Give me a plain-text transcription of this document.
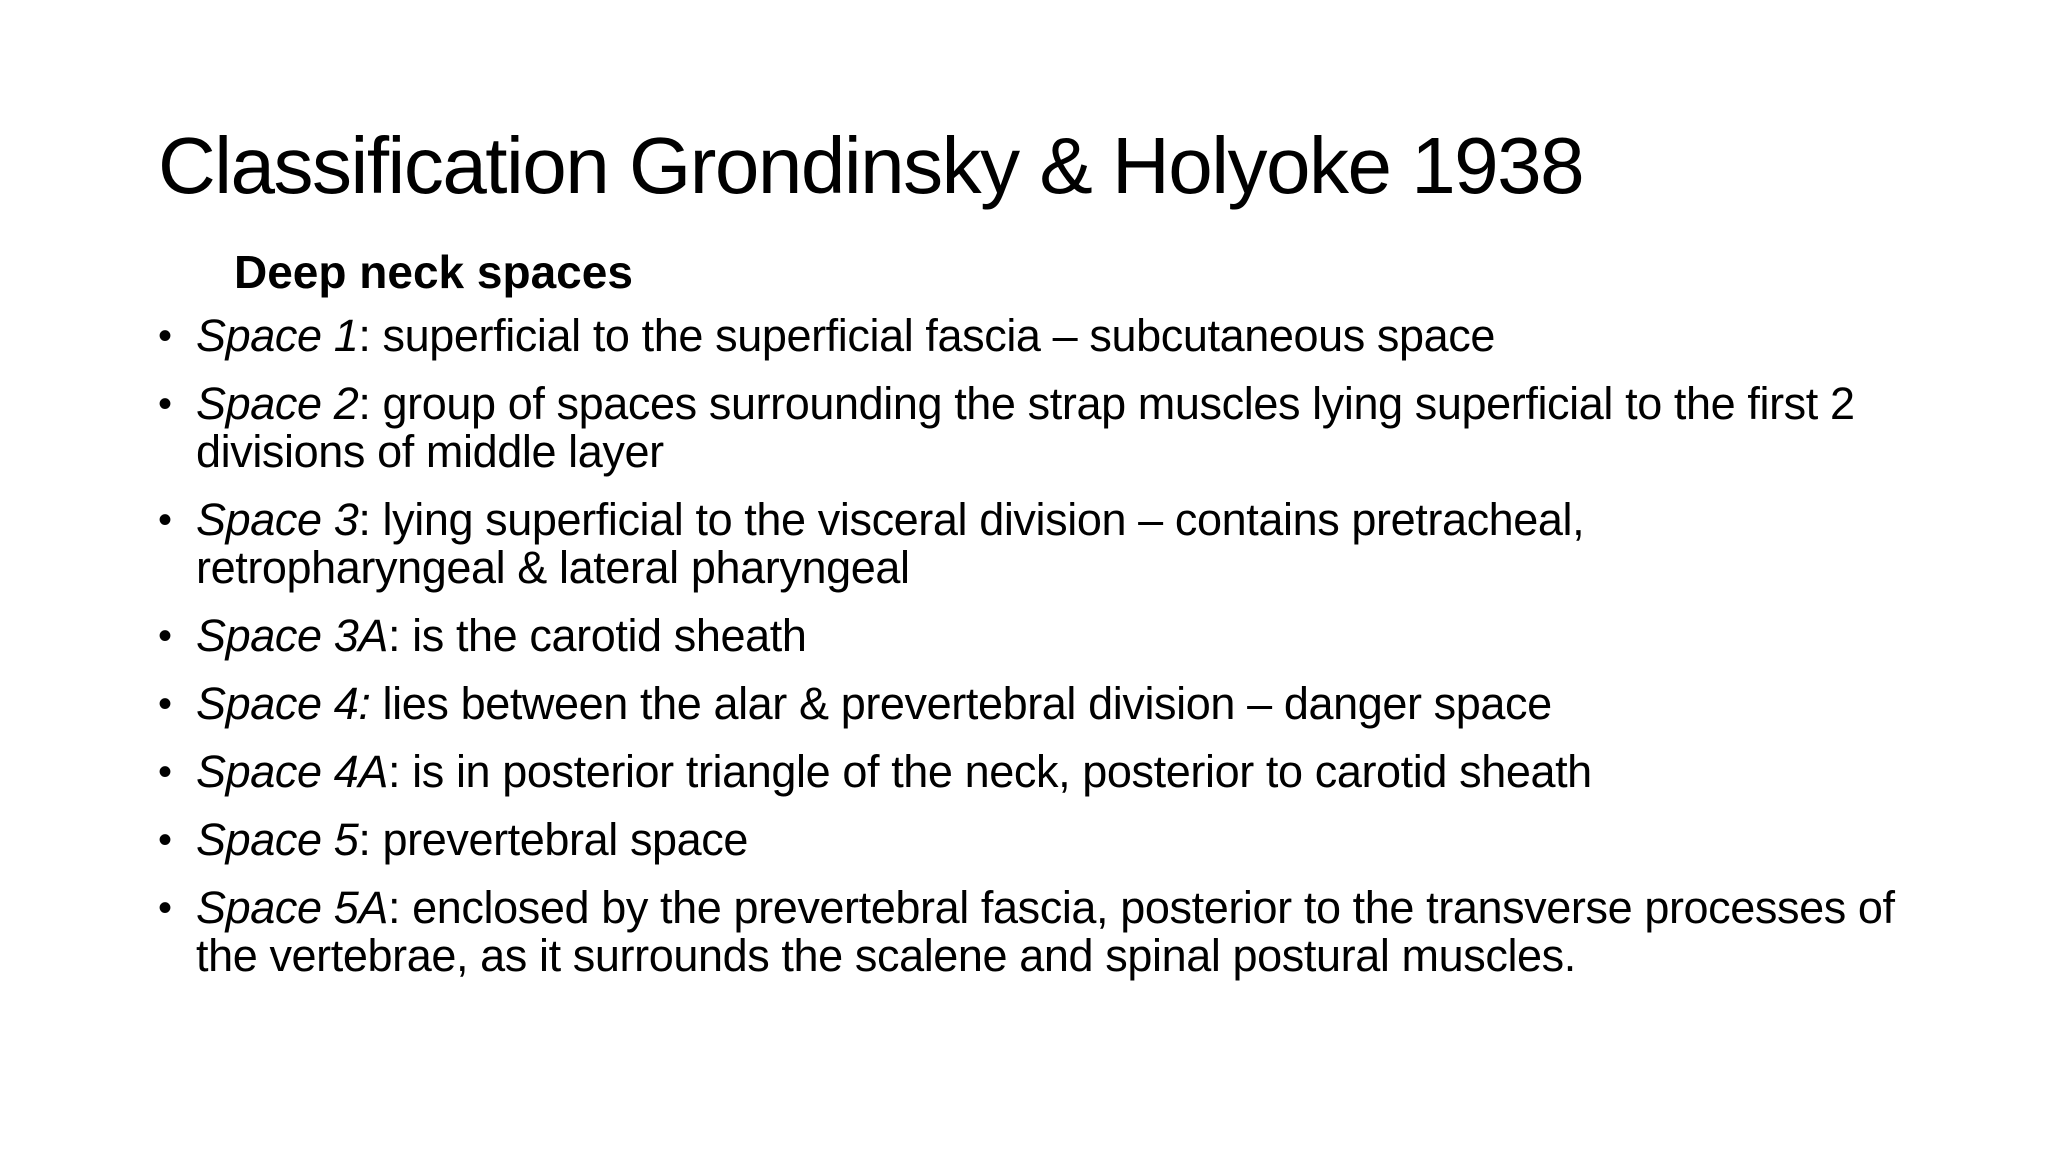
Classification Grondinsky & Holyoke 1938
Deep neck spaces
• Space 1: superficial to the superficial fascia – subcutaneous space
• Space 2: group of spaces surrounding the strap muscles lying superficial to the first 2 divisions of middle layer
• Space 3: lying superficial to the visceral division – contains pretracheal, retropharyngeal & lateral pharyngeal
• Space 3A: is the carotid sheath
• Space 4: lies between the alar & prevertebral division – danger space
• Space 4A: is in posterior triangle of the neck, posterior to carotid sheath
• Space 5: prevertebral space
• Space 5A: enclosed by the prevertebral fascia, posterior to the transverse processes of the vertebrae, as it surrounds the scalene and spinal postural muscles.
